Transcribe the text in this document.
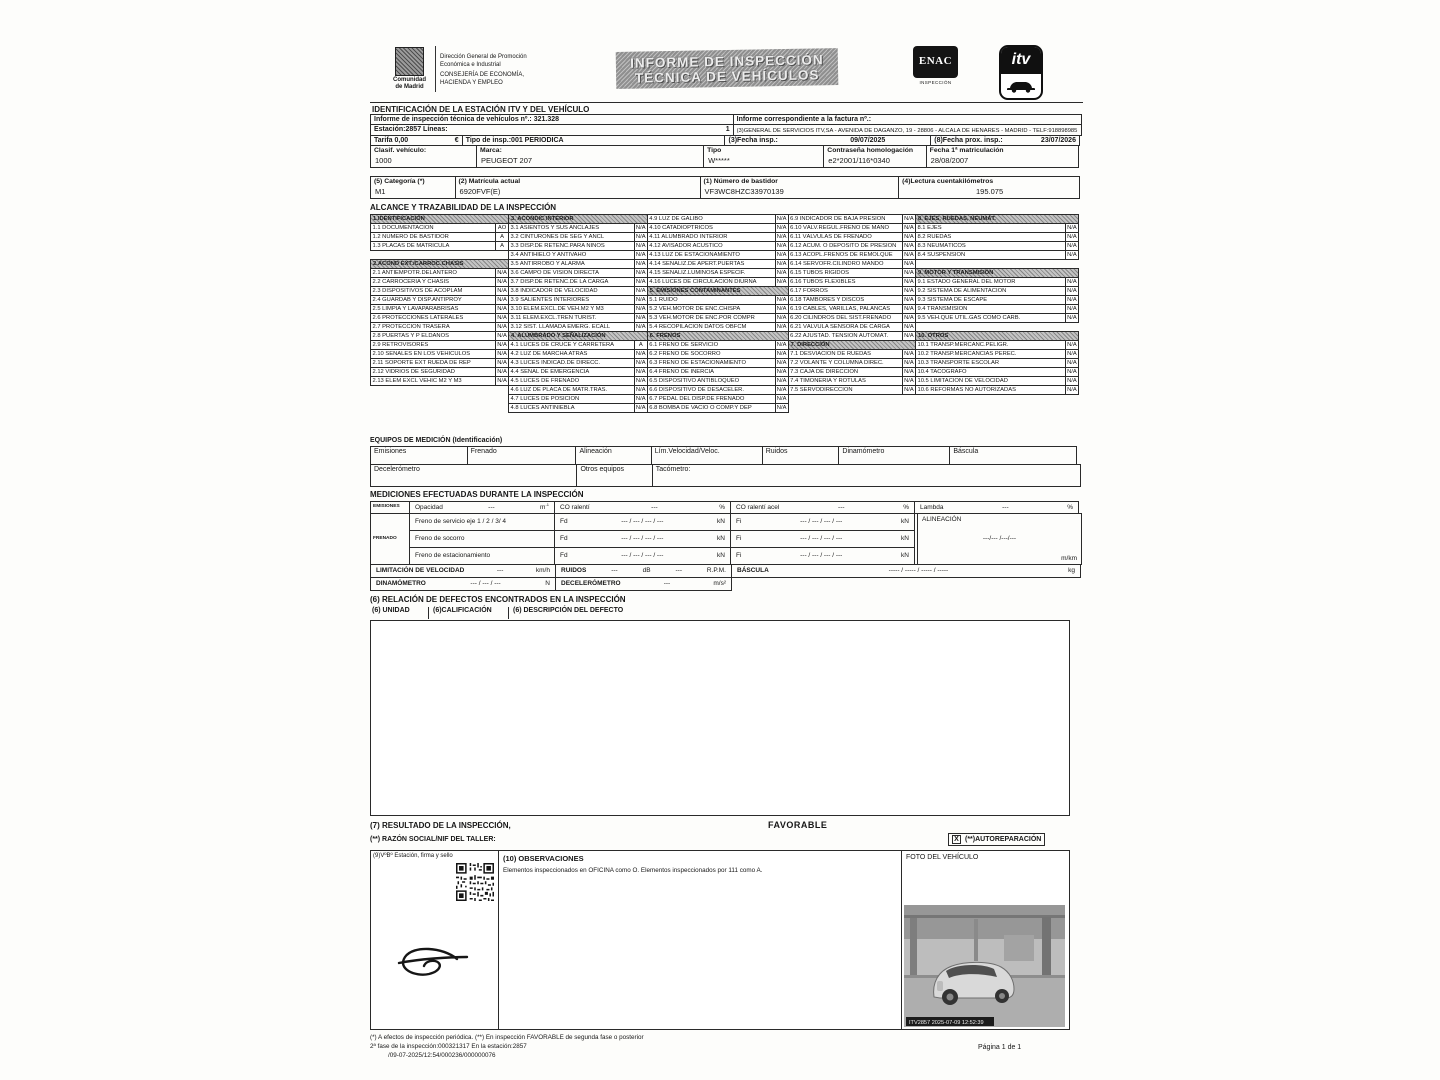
Comunidad
de Madrid
Dirección General de Promoción
Económica e Industrial
CONSEJERÍA DE ECONOMÍA,
HACIENDA Y EMPLEO
INFORME DE INSPECCIÓN
TÉCNICA DE VEHÍCULOS
ENAC
INSPECCIÓN
itv
IDENTIFICACIÓN DE LA ESTACIÓN ITV Y DEL VEHÍCULO
Informe de inspección técnica de vehículos nº.: 321.328	Informe correspondiente a la factura nº.:
Estación:2857 Líneas:	1	(3)GENERAL DE SERVICIOS ITV,SA - AVENIDA DE DAGANZO, 19 - 28806 - ALCALA DE HENARES - MADRID - TELF:918898985
Tarifa 0,00	€	Tipo de insp.:001 PERIODICA	(3)Fecha insp.:	09/07/2025	(8)Fecha prox. insp.:	23/07/2026
Clasif. vehículo:
1000
Marca:
PEUGEOT 207
Tipo
W*****
Contraseña homologación
e2*2001/116*0340
Fecha 1ª matriculación
28/08/2007
(5) Categoría (*)
M1
(2) Matrícula actual
6920FVF(E)
(1) Número de bastidor
VF3WC8HZC33970139
(4)Lectura cuentakilómetros
195.075
ALCANCE Y TRAZABILIDAD DE LA INSPECCIÓN
1.IDENTIFICACIÓN
1.1 DOCUMENTACIÓN	AO
1.2 NUMERO DE BASTIDOR	A
1.3 PLACAS DE MATRÍCULA	A
2.ACOND EXT./CARROC.CHASIS
2.1 ANTIEMPOTR.DELANTERO	N/A
2.2 CARROCERÍA Y CHASIS	N/A
2.3 DISPOSITIVOS DE ACOPLAM	N/A
2.4 GUARDAB Y DISP.ANTIPROY	N/A
2.5 LIMPIA Y LAVAPARABRISAS	N/A
2.6 PROTECCIONES LATERALES	N/A
2.7 PROTECCIÓN TRASERA	N/A
2.8 PUERTAS Y P ELDAÑOS	N/A
2.9 RETROVISORES	N/A
2.10 SEÑALES EN LOS VEHÍCULOS	N/A
2.11 SOPORTE EXT RUEDA DE REP	N/A
2.12 VIDRIOS DE SEGURIDAD	N/A
2.13 ELEM EXCL VEHÍC M2 Y M3	N/A
3. ACONDIC INTERIOR
3.1 ASIENTOS Y SUS ANCLAJES	N/A
3.2 CINTURONES DE SEG Y ANCL	N/A
3.3 DISP.DE RETENC.PARA NIÑOS	N/A
3.4 ANTIHIELO Y ANTIVAHO	N/A
3.5 ANTIRROBO Y ALARMA	N/A
3.6 CAMPO DE VISIÓN DIRECTA	N/A
3.7 DISP.DE RETENC.DE LA CARGA	N/A
3.8 INDICADOR DE VELOCIDAD	N/A
3.9 SALIENTES INTERIORES	N/A
3.10 ELEM.EXCL.DE VEH.M2 Y M3	N/A
3.11 ELEM.EXCL.TREN TURIST.	N/A
3.12 SIST. LLAMADA EMERG. ECALL	N/A
4. ALUMBRADO Y SEÑALIZACIÓN
4.1 LUCES DE CRUCE Y CARRETERA	A
4.2 LUZ DE MARCHA ATRAS	N/A
4.3 LUCES INDICAD.DE DIRECC.	N/A
4.4 SEÑAL DE EMERGENCIA	N/A
4.5 LUCES DE FRENADO	N/A
4.6 LUZ DE PLACA DE MATR.TRAS.	N/A
4.7 LUCES DE POSICIÓN	N/A
4.8 LUCES ANTINIEBLA	N/A
4.9 LUZ DE GÁLIBO	N/A
4.10 CATADIÓPTRICOS	N/A
4.11 ALUMBRADO INTERIOR	N/A
4.12 AVISADOR ACÚSTICO	N/A
4.13 LUZ DE ESTACIONAMIENTO	N/A
4.14 SEÑALIZ.DE APERT.PUERTAS	N/A
4.15 SEÑALIZ.LUMINOSA ESPECÍF.	N/A
4.16 LUCES DE CIRCULACIÓN DIURNA	N/A
5. EMISIONES CONTAMINANTES
5.1 RUIDO	N/A
5.2 VEH.MOTOR DE ENC.CHISPA	N/A
5.3 VEH.MOTOR DE ENC.POR COMPR	N/A
5.4 RECOPILACION DATOS OBFCM	N/A
6. FRENOS
6.1 FRENO DE SERVICIO	N/A
6.2 FRENO DE SOCORRO	N/A
6.3 FRENO DE ESTACIONAMIENTO	N/A
6.4 FRENO DE INERCIA	N/A
6.5 DISPOSITIVO ANTIBLOQUEO	N/A
6.6 DISPOSITIVO DE DESACELER.	N/A
6.7 PEDAL DEL DISP.DE FRENADO	N/A
6.8 BOMBA DE VACÍO O COMP.Y DEP	N/A
6.9 INDICADOR DE BAJA PRESIÓN	N/A
6.10 VÁLV.REGUL.FRENO DE MANO	N/A
6.11 VÁLVULAS DE FRENADO	N/A
6.12 ACUM. O DEPÓSITO DE PRESIÓN	N/A
6.13 ACOPL.FRENOS DE REMOLQUE	N/A
6.14 SERVOFR.CILINDRO MANDO	N/A
6.15 TUBOS RÍGIDOS	N/A
6.16 TUBOS FLEXIBLES	N/A
6.17 FORROS	N/A
6.18 TAMBORES Y DISCOS	N/A
6.19 CABLES, VARILLAS, PALANCAS	N/A
6.20 CILINDROS DEL SIST.FRENADO	N/A
6.21 VÁLVULA SENSORA DE CARGA	N/A
6.22 AJUSTAD. TENSIÓN AUTOMÁT.	N/A
7. DIRECCIÓN
7.1 DESVIACIÓN DE RUEDAS	N/A
7.2 VOLANTE Y COLUMNA DIREC.	N/A
7.3 CAJA DE DIRECCIÓN	N/A
7.4 TIMONERÍA Y RÓTULAS	N/A
7.5 SERVODIRECCIÓN	N/A
8. EJES, RUEDAS, NEUMÁT.
8.1 EJES	N/A
8.2 RUEDAS	N/A
8.3 NEUMÁTICOS	N/A
8.4 SUSPENSIÓN	N/A
9. MOTOR Y TRANSMISIÓN
9.1 ESTADO GENERAL DEL MOTOR	N/A
9.2 SISTEMA DE ALIMENTACIÓN	N/A
9.3 SISTEMA DE ESCAPE	N/A
9.4 TRANSMISIÓN	N/A
9.5 VEH.QUE UTIL.GAS COMO CARB.	N/A
10. OTROS
10.1 TRANSP.MERCANC.PELIGR.	N/A
10.2 TRANSP.MERCANCÍAS PEREC.	N/A
10.3 TRANSPORTE ESCOLAR	N/A
10.4 TACÓGRAFO	N/A
10.5 LIMITACIÓN DE VELOCIDAD	N/A
10.6 REFORMAS NO AUTORIZADAS	N/A
EQUIPOS DE MEDICIÓN (Identificación)
Emisiones	Frenado	Alineación	Lím.Velocidad/Veloc.	Ruidos	Dinamómetro	Báscula
Decelerómetro	Otros equipos	Tacómetro:
MEDICIONES EFECTUADAS DURANTE LA INSPECCIÓN
EMISIONES	Opacidad	---	$m^{-1}$ CO ralentí	---	% CO ralentí acel	---	% Lambda	---	%
FRENADO
Freno de servicio eje 1 / 2 / 3/ 4	Fd	--- / --- / --- / ---	kN Fi	--- / --- / --- / ---	kN
Freno de socorro	Fd	--- / --- / --- / ---	kN Fi	--- / --- / --- / ---	kN
Freno de estacionamiento	Fd	--- / --- / --- / ---	kN Fi	--- / --- / --- / ---	kN
ALINEACIÓN
---/--- /---/---
m/km
LIMITACIÓN DE VELOCIDAD	---	km/h RUIDOS	---	dB	---	R.P.M. BÁSCULA	----- / ----- / ----- / -----	kg
DINAMÓMETRO	--- / --- / ---	N DECELERÓMETRO	---	m/s²
(6) RELACIÓN DE DEFECTOS ENCONTRADOS EN LA INSPECCIÓN
(6) UNIDAD	(6)CALIFICACIÓN	(6) DESCRIPCIÓN DEL DEFECTO
(7) RESULTADO DE LA INSPECCIÓN,	FAVORABLE
(**) RAZÓN SOCIAL/NIF DEL TALLER:	X (**)AUTOREPARACIÓN
(9)VºBº Estación, firma y sello	(10) OBSERVACIONES
Elementos inspeccionados en OFICINA como O. Elementos inspeccionados por 111 como A.
FOTO DEL VEHÍCULO
ITV2857 2025-07-09 12:52:39
(*) A efectos de inspección periódica. (**) En inspección FAVORABLE de segunda fase o posterior
2ª fase de la inspección:000321317 En la estación:2857
/09-07-2025/12:54/000236/000000076
Página 1 de 1
